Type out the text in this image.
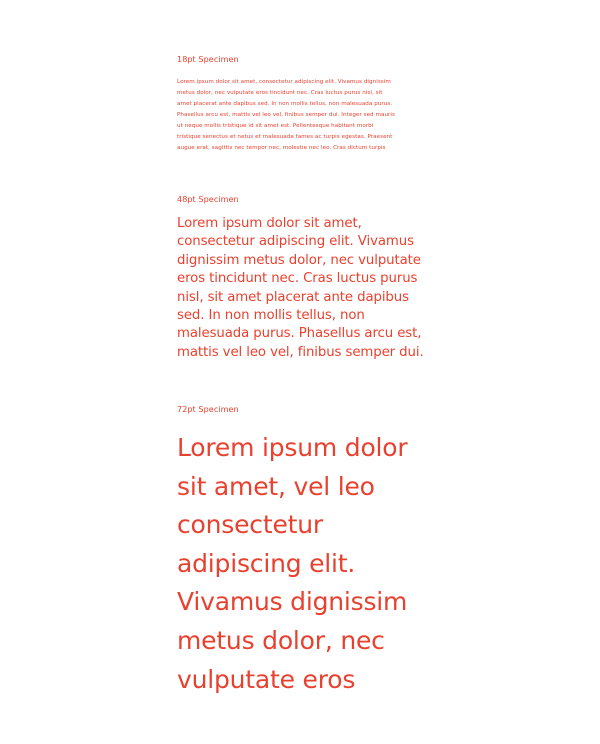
18pt Specimen

Lorem ipsum dolor sit amet, consectetur adipiscing elit. Vivamus dignissim
metus dolor, nec vulputate eros tincidunt nec. Cras luctus purus nisl, sit
amet placerat ante dapibus sed. In non mollis tellus, non malesuada purus.
Phasellus arcu est, mattis vel leo vel, finibus semper dui. Integer sed mauris
ut neque mollis tristique id sit amet est. Pellentesque habitant morbi
tristique senectus et netus et malesuada fames ac turpis egestas. Praesent
augue erat, sagittis nec tempor nec, molestie nec leo. Cras dictum turpis

48pt Specimen

Lorem ipsum dolor sit amet,
consectetur adipiscing elit. Vivamus
dignissim metus dolor, nec vulputate
eros tincidunt nec. Cras luctus purus
nisl, sit amet placerat ante dapibus
sed. In non mollis tellus, non
malesuada purus. Phasellus arcu est,
mattis vel leo vel, finibus semper dui.

72pt Specimen

Lorem ipsum dolor
sit amet, vel leo
consectetur
adipiscing elit.
Vivamus dignissim
metus dolor, nec
vulputate eros
